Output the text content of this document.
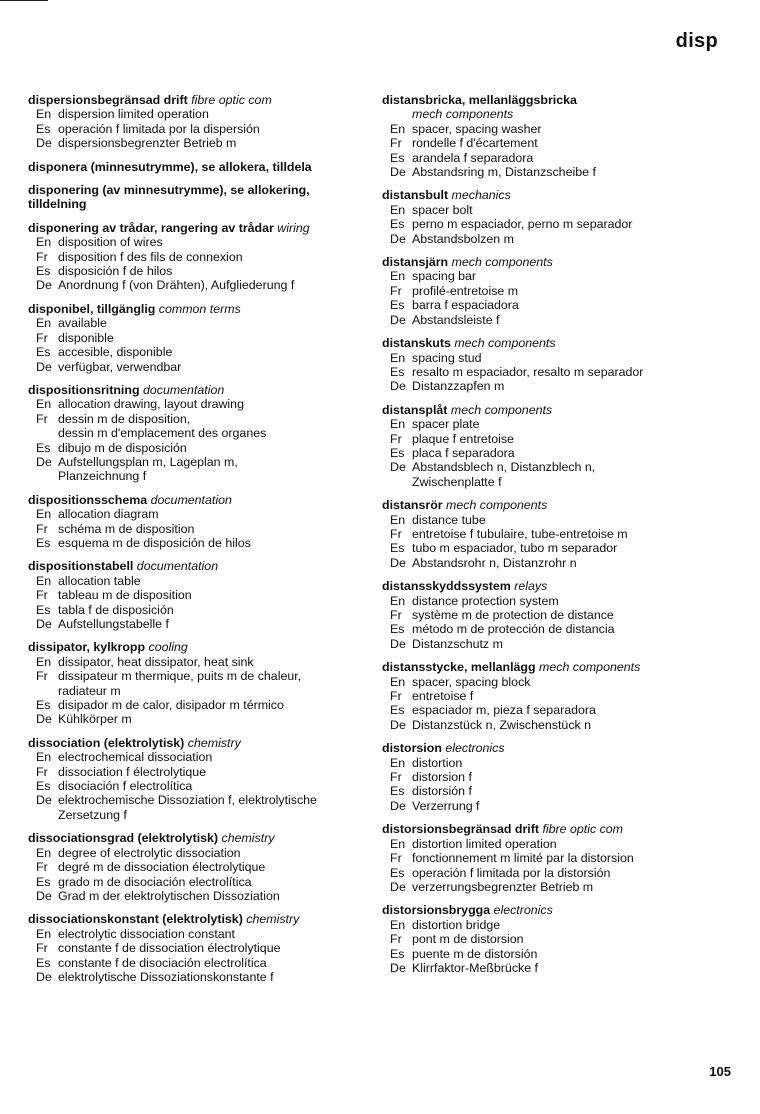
disp
dispersionsbegränsad drift fibre optic com
En dispersion limited operation
Es operación f limitada por la dispersión
De dispersionsbegrenzter Betrieb m
disponera (minnesutrymme), se allokera, tilldela
disponering (av minnesutrymme), se allokering, tilldelning
disponering av trådar, rangering av trådar wiring
En disposition of wires
Fr disposition f des fils de connexion
Es disposición f de hilos
De Anordnung f (von Drähten), Aufgliederung f
disponibel, tillgänglig common terms
En available
Fr disponible
Es accesible, disponible
De verfügbar, verwendbar
dispositionsritning documentation
En allocation drawing, layout drawing
Fr dessin m de disposition,
dessin m d'emplacement des organes
Es dibujo m de disposición
De Aufstellungsplan m, Lageplan m,
Planzeichnung f
dispositionsschema documentation
En allocation diagram
Fr schéma m de disposition
Es esquema m de disposición de hilos
dispositionstabell documentation
En allocation table
Fr tableau m de disposition
Es tabla f de disposición
De Aufstellungstabelle f
dissipator, kylkropp cooling
En dissipator, heat dissipator, heat sink
Fr dissipateur m thermique, puits m de chaleur,
radiateur m
Es disipador m de calor, disipador m térmico
De Kühlkörper m
dissociation (elektrolytisk) chemistry
En electrochemical dissociation
Fr dissociation f électrolytique
Es disociación f electrolítica
De elektrochemische Dissoziation f, elektrolytische
Zersetzung f
dissociationsgrad (elektrolytisk) chemistry
En degree of electrolytic dissociation
Fr degré m de dissociation électrolytique
Es grado m de disociación electrolítica
De Grad m der elektrolytischen Dissoziation
dissociationskonstant (elektrolytisk) chemistry
En electrolytic dissociation constant
Fr constante f de dissociation électrolytique
Es constante f de disociación electrolítica
De elektrolytische Dissoziationskonstante f
distansbricka, mellanläggsbricka
mech components
En spacer, spacing washer
Fr rondelle f d'écartement
Es arandela f separadora
De Abstandsring m, Distanzscheibe f
distansbult mechanics
En spacer bolt
Es perno m espaciador, perno m separador
De Abstandsbolzen m
distansjärn mech components
En spacing bar
Fr profilé-entretoise m
Es barra f espaciadora
De Abstandsleiste f
distanskuts mech components
En spacing stud
Es resalto m espaciador, resalto m separador
De Distanzzapfen m
distansplåt mech components
En spacer plate
Fr plaque f entretoise
Es placa f separadora
De Abstandsblech n, Distanzblech n,
Zwischenplatte f
distansrör mech components
En distance tube
Fr entretoise f tubulaire, tube-entretoise m
Es tubo m espaciador, tubo m separador
De Abstandsrohr n, Distanzrohr n
distansskyddssystem relays
En distance protection system
Fr système m de protection de distance
Es método m de protección de distancia
De Distanzschutz m
distansstycke, mellanlägg mech components
En spacer, spacing block
Fr entretoise f
Es espaciador m, pieza f separadora
De Distanzstück n, Zwischenstück n
distorsion electronics
En distortion
Fr distorsion f
Es distorsión f
De Verzerrung f
distorsionsbegränsad drift fibre optic com
En distortion limited operation
Fr fonctionnement m limité par la distorsion
Es operación f limitada por la distorsión
De verzerrungsbegrenzter Betrieb m
distorsionsbrygga electronics
En distortion bridge
Fr pont m de distorsion
Es puente m de distorsión
De Klirrfaktor-Meßbrücke f
105
